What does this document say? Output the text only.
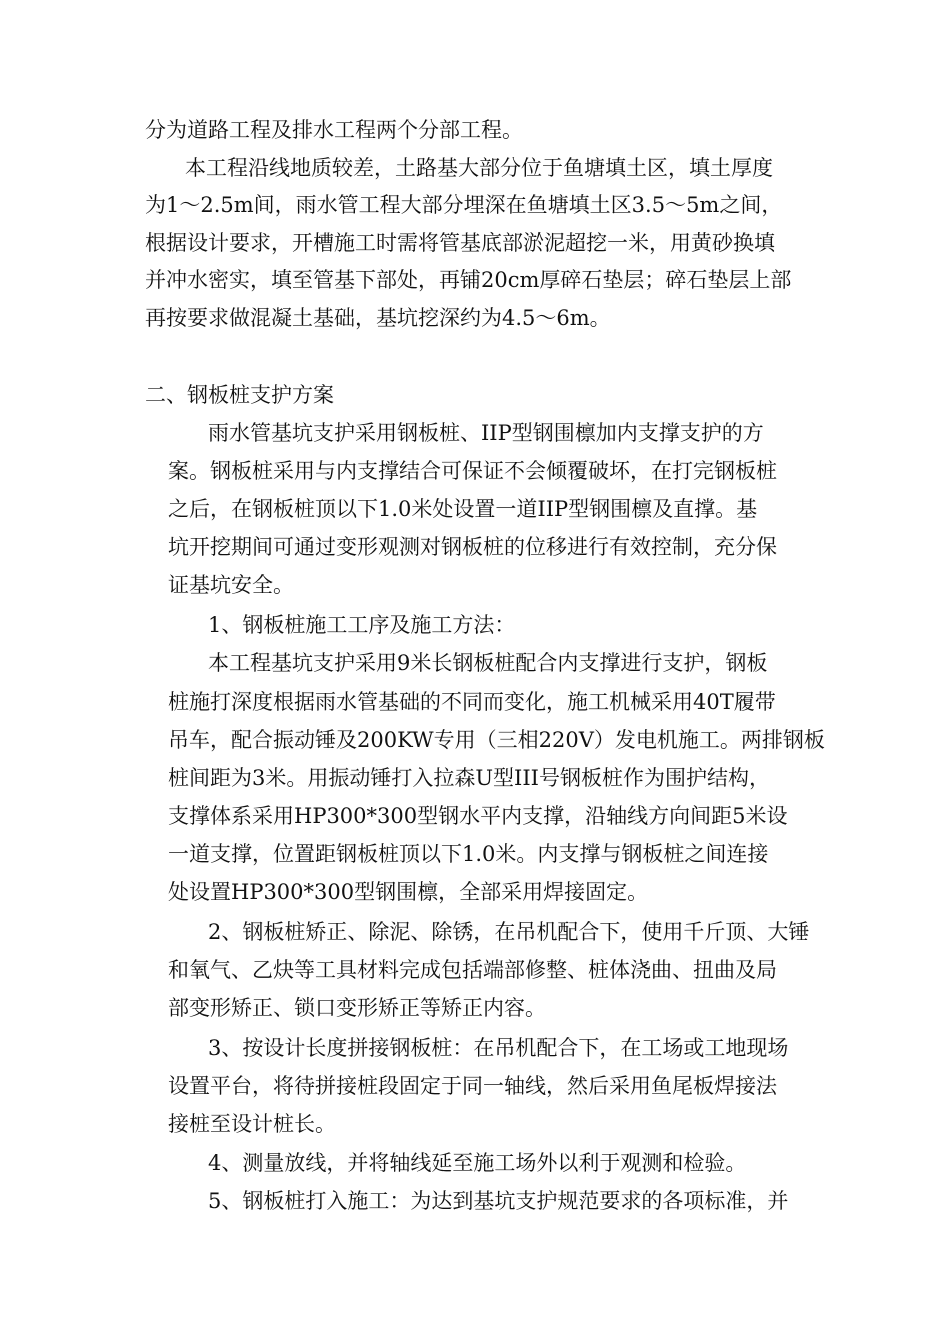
分为道路工程及排水工程两个分部工程。
本工程沿线地质较差，土路基大部分位于鱼塘填土区，填土厚度
为1～2.5m间，雨水管工程大部分埋深在鱼塘填土区3.5～5m之间，
根据设计要求，开槽施工时需将管基底部淤泥超挖一米，用黄砂换填
并冲水密实，填至管基下部处，再铺20cm厚碎石垫层；碎石垫层上部
再按要求做混凝土基础，基坑挖深约为4.5～6m。
二、钢板桩支护方案
雨水管基坑支护采用钢板桩、IIP型钢围檩加内支撑支护的方
案。钢板桩采用与内支撑结合可保证不会倾覆破坏，在打完钢板桩
之后，在钢板桩顶以下1.0米处设置一道IIP型钢围檩及直撑。基
坑开挖期间可通过变形观测对钢板桩的位移进行有效控制，充分保
证基坑安全。
1、钢板桩施工工序及施工方法：
本工程基坑支护采用9米长钢板桩配合内支撑进行支护，钢板
桩施打深度根据雨水管基础的不同而变化，施工机械采用40T履带
吊车，配合振动锤及200KW专用（三相220V）发电机施工。两排钢板
桩间距为3米。用振动锤打入拉森U型III号钢板桩作为围护结构，
支撑体系采用HP300*300型钢水平内支撑，沿轴线方向间距5米设
一道支撑，位置距钢板桩顶以下1.0米。内支撑与钢板桩之间连接
处设置HP300*300型钢围檩，全部采用焊接固定。
2、钢板桩矫正、除泥、除锈，在吊机配合下，使用千斤顶、大锤
和氧气、乙炔等工具材料完成包括端部修整、桩体浇曲、扭曲及局
部变形矫正、锁口变形矫正等矫正内容。
3、按设计长度拼接钢板桩：在吊机配合下，在工场或工地现场
设置平台，将待拼接桩段固定于同一轴线，然后采用鱼尾板焊接法
接桩至设计桩长。
4、测量放线，并将轴线延至施工场外以利于观测和检验。
5、钢板桩打入施工：为达到基坑支护规范要求的各项标准，并
